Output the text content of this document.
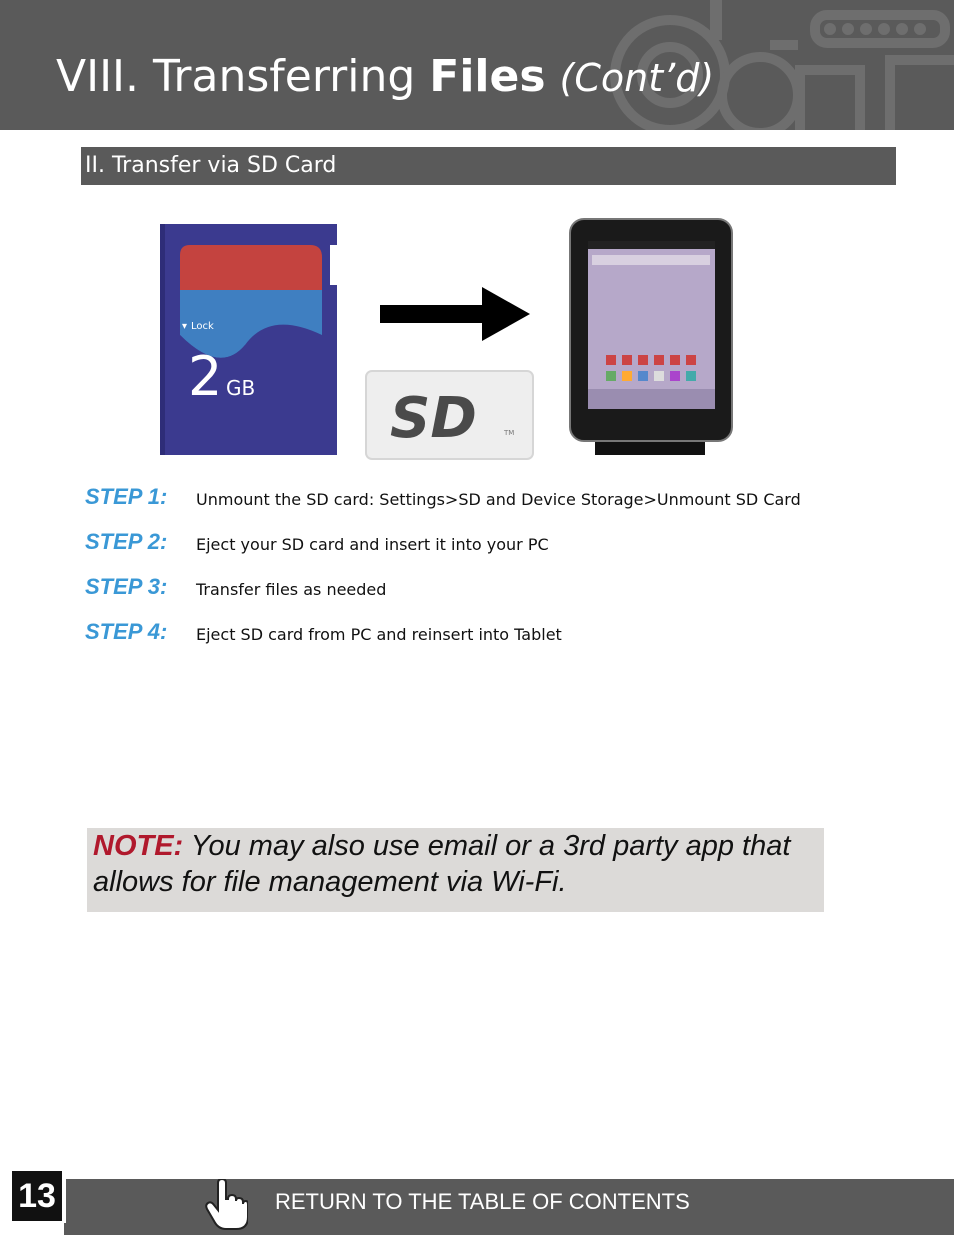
VIII. Transferring Files (Cont’d)
II. Transfer via SD Card
▾ Lock
2 GB SD	TM
STEP 1: Unmount the SD card: Settings>SD and Device Storage>Unmount SD Card
STEP 2: Eject your SD card and insert it into your PC
STEP 3: Transfer files as needed
STEP 4: Eject SD card from PC and reinsert into Tablet
NOTE: You may also use email or a 3rd party app that allows for file management via Wi-Fi.
13	RETURN TO THE TABLE OF CONTENTS
